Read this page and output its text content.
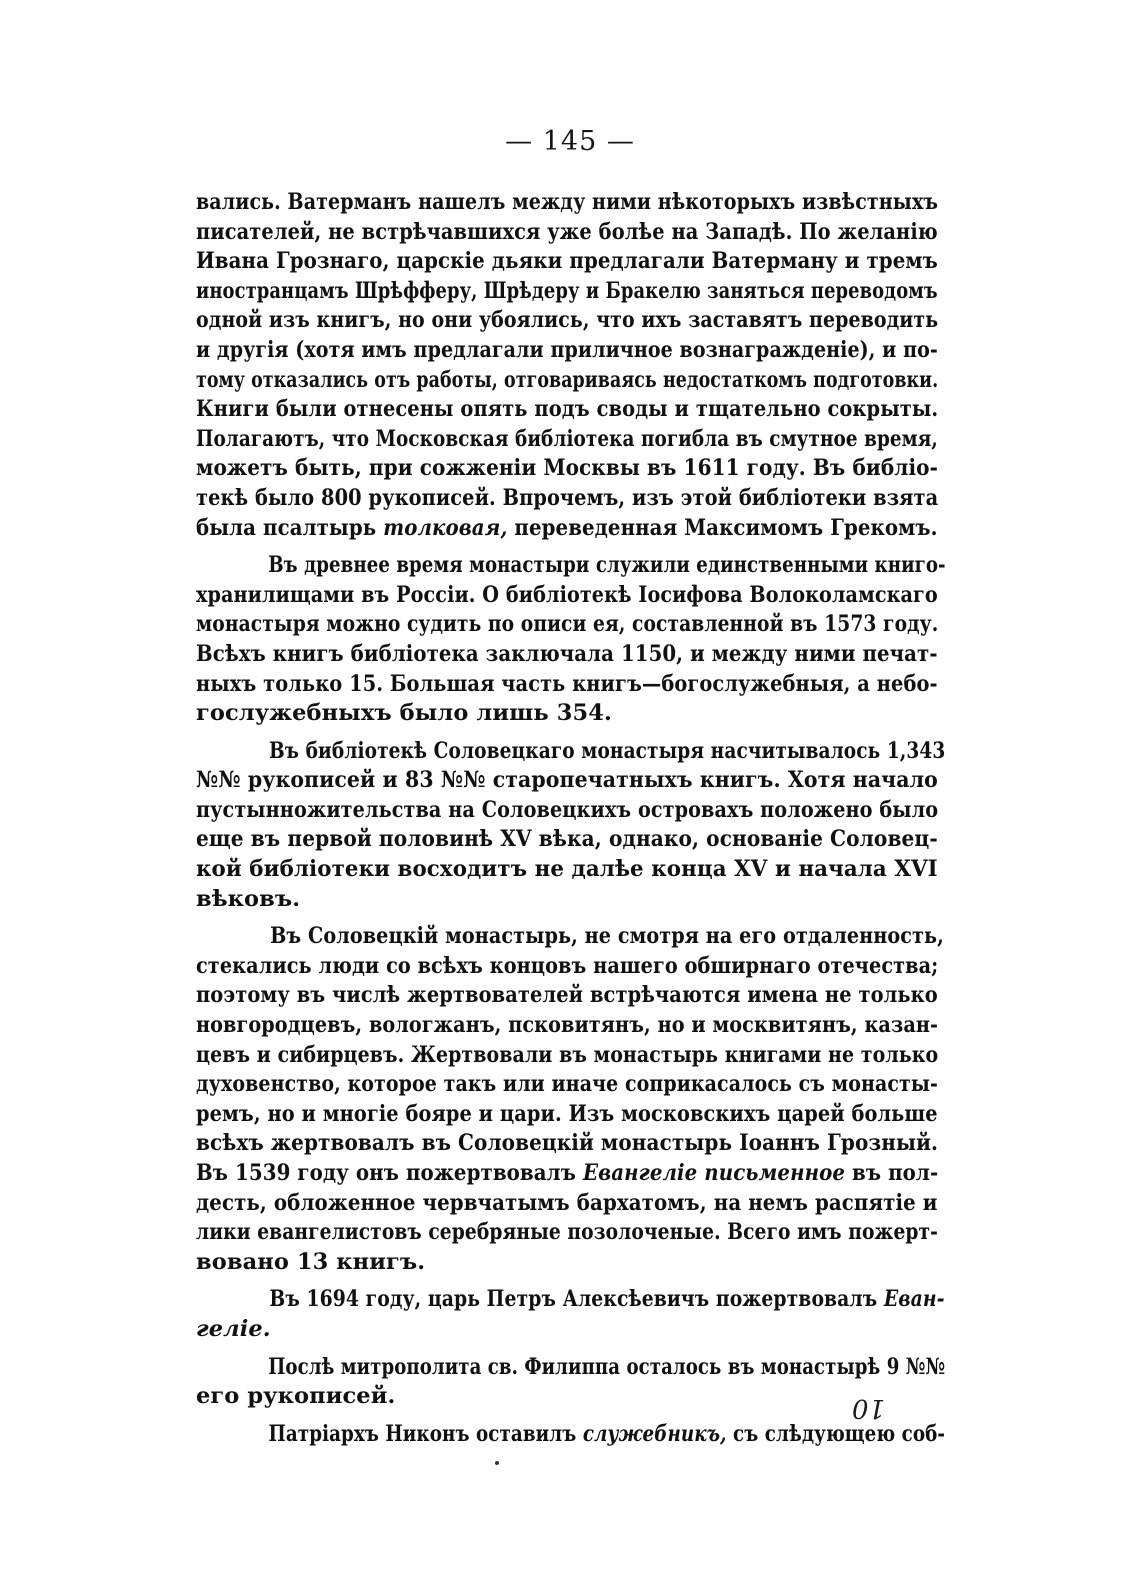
— 145 —
вались. Ватерманъ нашелъ между ними нѣкоторыхъ извѣстныхъ
писателей, не встрѣчавшихся уже болѣе на Западѣ. По желанію
Ивана Грознаго, царскіе дьяки предлагали Ватерману и тремъ
иностранцамъ Шрѣфферу, Шрѣдеру и Бракелю заняться переводомъ
одной изъ книгъ, но они убоялись, что ихъ заставятъ переводить
и другія (хотя имъ предлагали приличное вознагражденіе), и по-
тому отказались отъ работы, отговариваясь недостаткомъ подготовки.
Книги были отнесены опять подъ своды и тщательно сокрыты.
Полагаютъ, что Московская библіотека погибла въ смутное время,
можетъ быть, при сожженіи Москвы въ 1611 году. Въ библіо-
текѣ было 800 рукописей. Впрочемъ, изъ этой библіотеки взята
была псалтырь толковая, переведенная Максимомъ Грекомъ.
Въ древнее время монастыри служили единственными книго-
хранилищами въ Россіи. О библіотекѣ Іосифова Волоколамскаго
монастыря можно судить по описи ея, составленной въ 1573 году.
Всѣхъ книгъ библіотека заключала 1150, и между ними печат-
ныхъ только 15. Большая часть книгъ—богослужебныя, а небо-
гослужебныхъ было лишь 354.
Въ библіотекѣ Соловецкаго монастыря насчитывалось 1,343
№№ рукописей и 83 №№ старопечатныхъ книгъ. Хотя начало
пустынножительства на Соловецкихъ островахъ положено было
еще въ первой половинѣ XV вѣка, однако, основаніе Соловец-
кой библіотеки восходитъ не далѣе конца XV и начала XVI
вѣковъ.
Въ Соловецкій монастырь, не смотря на его отдаленность,
стекались люди со всѣхъ концовъ нашего обширнаго отечества;
поэтому въ числѣ жертвователей встрѣчаются имена не только
новгородцевъ, вологжанъ, псковитянъ, но и москвитянъ, казан-
цевъ и сибирцевъ. Жертвовали въ монастырь книгами не только
духовенство, которое такъ или иначе соприкасалось съ монасты-
ремъ, но и многіе бояре и цари. Изъ московскихъ царей больше
всѣхъ жертвовалъ въ Соловецкій монастырь Іоаннъ Грозный.
Въ 1539 году онъ пожертвовалъ Евангеліе письменное въ пол-
десть, обложенное червчатымъ бархатомъ, на немъ распятіе и
лики евангелистовъ серебряные позолоченые. Всего имъ пожерт-
вовано 13 книгъ.
Въ 1694 году, царь Петръ Алексѣевичъ пожертвовалъ Еван-
геліе.
Послѣ митрополита св. Филиппа осталось въ монастырѣ 9 №№
его рукописей.
Патріархъ Никонъ оставилъ служебникъ, съ слѣдующею соб-
10
